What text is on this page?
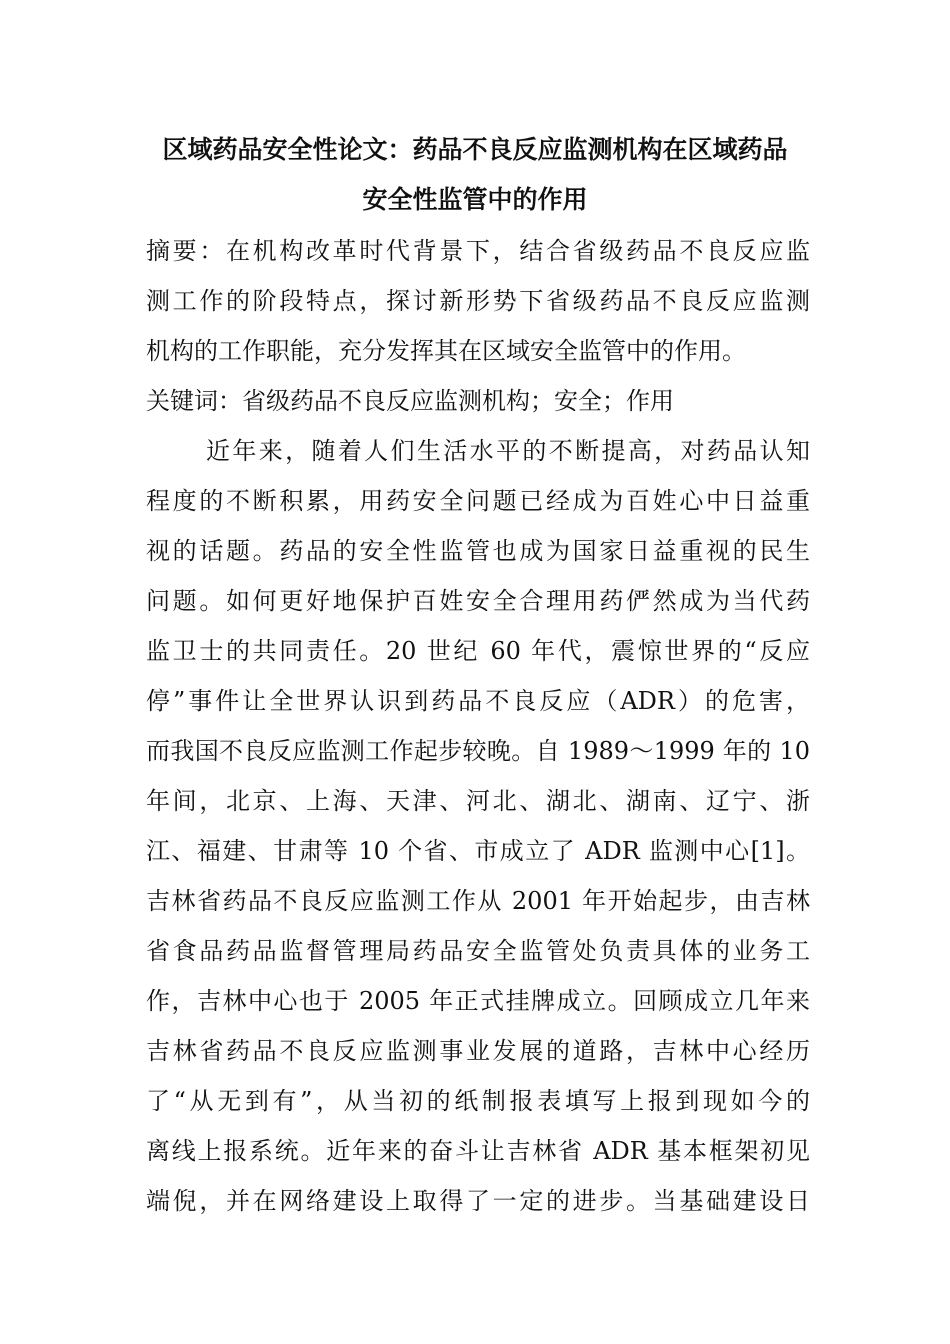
区域药品安全性论文：药品不良反应监测机构在区域药品
安全性监管中的作用
摘要：在机构改革时代背景下，结合省级药品不良反应监
测工作的阶段特点，探讨新形势下省级药品不良反应监测
机构的工作职能，充分发挥其在区域安全监管中的作用。
关键词：省级药品不良反应监测机构；安全；作用
近年来，随着人们生活水平的不断提高，对药品认知
程度的不断积累，用药安全问题已经成为百姓心中日益重
视的话题。药品的安全性监管也成为国家日益重视的民生
问题。如何更好地保护百姓安全合理用药俨然成为当代药
监卫士的共同责任。20 世纪 60 年代，震惊世界的“反应
停”事件让全世界认识到药品不良反应（ADR）的危害，
而我国不良反应监测工作起步较晚。自 1989～1999 年的 10
年间，北京、上海、天津、河北、湖北、湖南、辽宁、浙
江、福建、甘肃等 10 个省、市成立了 ADR 监测中心[1]。
吉林省药品不良反应监测工作从 2001 年开始起步，由吉林
省食品药品监督管理局药品安全监管处负责具体的业务工
作，吉林中心也于 2005 年正式挂牌成立。回顾成立几年来
吉林省药品不良反应监测事业发展的道路，吉林中心经历
了“从无到有”，从当初的纸制报表填写上报到现如今的
离线上报系统。近年来的奋斗让吉林省 ADR 基本框架初见
端倪，并在网络建设上取得了一定的进步。当基础建设日
